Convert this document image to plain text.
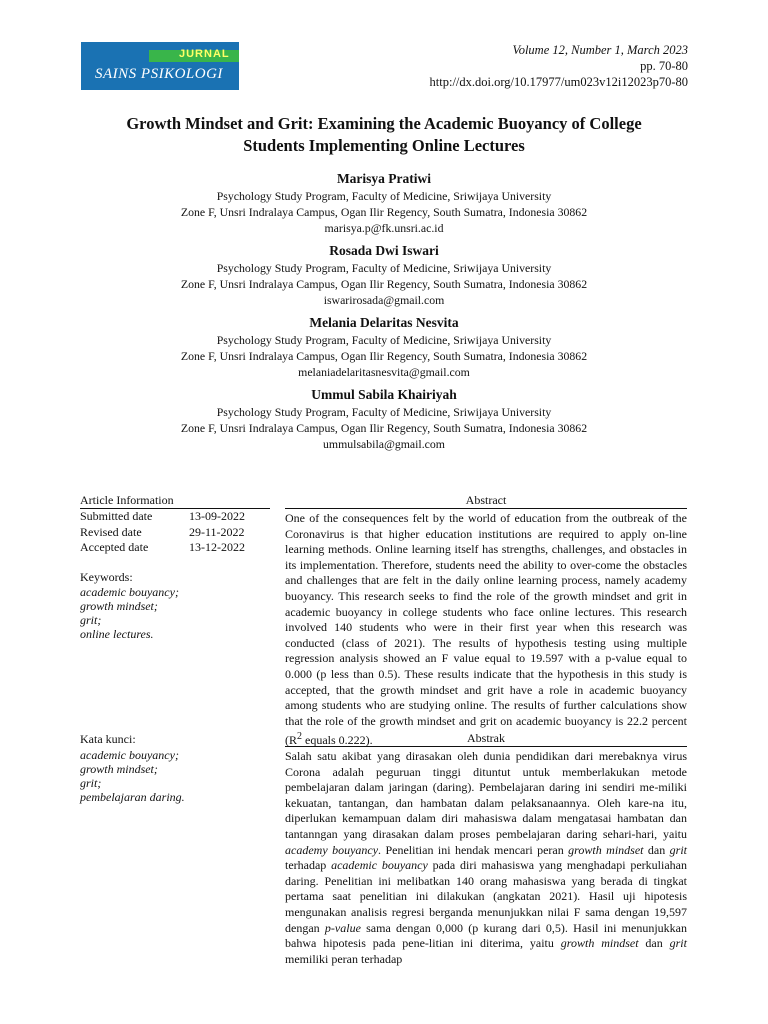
JURNAL
SAINS PSIKOLOGI
Volume 12, Number 1, March 2023
pp. 70-80
http://dx.doi.org/10.17977/um023v12i12023p70-80
Growth Mindset and Grit: Examining the Academic Buoyancy of College
Students Implementing Online Lectures
Marisya Pratiwi
Psychology Study Program, Faculty of Medicine, Sriwijaya University
Zone F, Unsri Indralaya Campus, Ogan Ilir Regency, South Sumatra, Indonesia 30862
marisya.p@fk.unsri.ac.id
Rosada Dwi Iswari
Psychology Study Program, Faculty of Medicine, Sriwijaya University
Zone F, Unsri Indralaya Campus, Ogan Ilir Regency, South Sumatra, Indonesia 30862
iswarirosada@gmail.com
Melania Delaritas Nesvita
Psychology Study Program, Faculty of Medicine, Sriwijaya University
Zone F, Unsri Indralaya Campus, Ogan Ilir Regency, South Sumatra, Indonesia 30862
melaniadelaritasnesvita@gmail.com
Ummul Sabila Khairiyah
Psychology Study Program, Faculty of Medicine, Sriwijaya University
Zone F, Unsri Indralaya Campus, Ogan Ilir Regency, South Sumatra, Indonesia 30862
ummulsabila@gmail.com
Article Information
Submitted date	13-09-2022
Revised date	29-11-2022
Accepted date	13-12-2022
Keywords:
academic bouyancy;
growth mindset;
grit;
online lectures.
Abstract
One of the consequences felt by the world of education from the outbreak of the Coronavirus is that higher education institutions are required to apply on-line learning methods. Online learning itself has strengths, challenges, and obstacles in its implementation. Therefore, students need the ability to over-come the obstacles and challenges that are felt in the daily online learning process, namely academy buoyancy. This research seeks to find the role of the growth mindset and grit in academic buoyancy in college students who face online lectures. This research involved 140 students who were in their first year when this research was conducted (class of 2021). The results of hypothesis testing using multiple regression analysis showed an F value equal to 19.597 with a p-value equal to 0.000 (p less than 0.5). These results indicate that the hypothesis in this study is accepted, that the growth mindset and grit have a role in academic buoyancy among students who are studying online. The results of further calculations show that the role of the growth mindset and grit on academic buoyancy is 22.2 percent ($R^2$ equals 0.222).
Kata kunci:
academic bouyancy;
growth mindset;
grit;
pembelajaran daring.
Abstrak
Salah satu akibat yang dirasakan oleh dunia pendidikan dari merebaknya virus Corona adalah peguruan tinggi dituntut untuk memberlakukan metode pembelajaran dalam jaringan (daring). Pembelajaran daring ini sendiri me-miliki kekuatan, tantangan, dan hambatan dalam pelaksanaannya. Oleh kare-na itu, diperlukan kemampuan dalam diri mahasiswa dalam mengatasai hambatan dan tantanngan yang dirasakan dalam proses pembelajaran daring sehari-hari, yaitu academy bouyancy. Penelitian ini hendak mencari peran growth mindset dan grit terhadap academic bouyancy pada diri mahasiswa yang menghadapi perkuliahan daring. Penelitian ini melibatkan 140 orang mahasiswa yang berada di tingkat pertama saat penelitian ini dilakukan (angkatan 2021). Hasil uji hipotesis mengunakan analisis regresi berganda menunjukkan nilai F sama dengan 19,597 dengan p-value sama dengan 0,000 (p kurang dari 0,5). Hasil ini menunjukkan bahwa hipotesis pada pene-litian ini diterima, yaitu growth mindset dan grit memiliki peran terhadap
